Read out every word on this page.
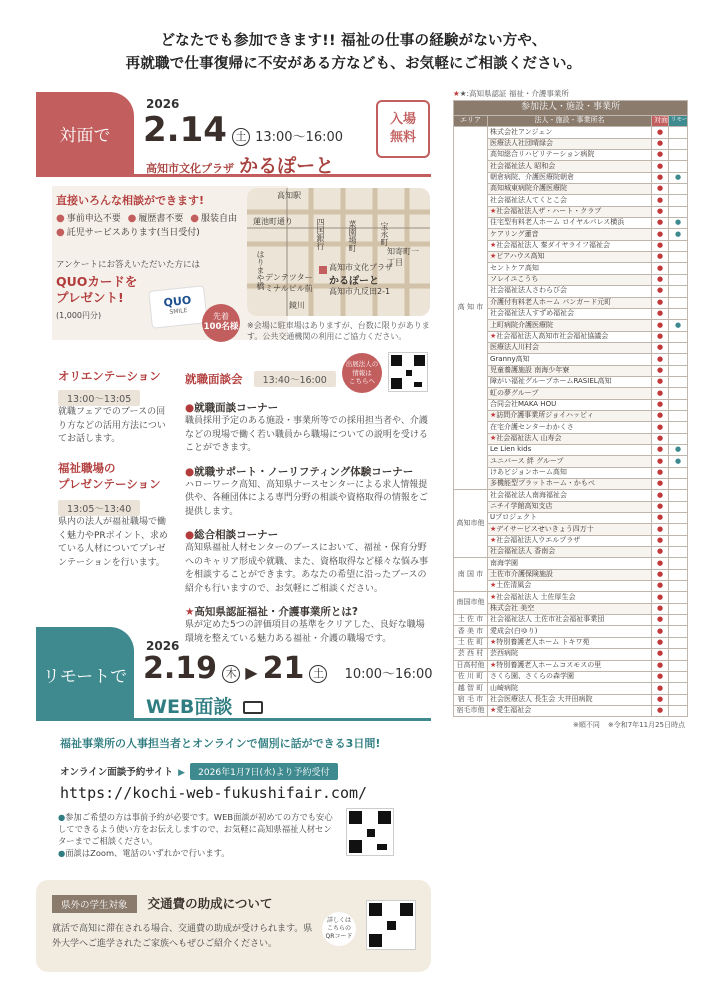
どなたでも参加できます!! 福祉の仕事の経験がない方や、
再就職で仕事復帰に不安がある方なども、お気軽にご相談ください。
対面で
2026
2.14 土 13:00〜16:00
高知市文化プラザ かるぽーと
入場
無料
直接いろんな相談ができます!
● 事前申込不要 ● 履歴書不要 ● 服装自由
● 託児サービスあります(当日受付)
アンケートにお答えいただいた方には
QUOカードを
プレゼント!
(1,000円分)
QUO
SMILE
先着
100名様
高知駅
蓮池町通り	四国銀行	菜園場町	宝永町
知寄町一丁目
はりまや橋 デンテツターミナルビル前
高知市文化プラザ
かるぽーと
高知市九反田2-1
鏡川
※会場に駐車場はありますが、台数に限りがあります。公共交通機関の利用にご協力ください。
オリエンテーション
13:00〜13:05
就職フェアでのブースの回り方などの活用方法についてお話します。
福祉職場の
プレゼンテーション
13:05〜13:40
県内の法人が福祉職場で働く魅力やPRポイント、求めている人材についてプレゼンテーションを行います。
就職面談会 13:40〜16:00
出展法人の
情報は
こちらへ
●就職面談コーナー
職員採用予定のある施設・事業所等での採用担当者や、介護などの現場で働く若い職員から職場についての説明を受けることができます。
●就職サポート・ノーリフティング体験コーナー
ハローワーク高知、高知県ナースセンターによる求人情報提供や、各種団体による専門分野の相談や資格取得の情報をご提供します。
●総合相談コーナー
高知県福祉人材センターのブースにおいて、福祉・保育分野へのキャリア形成や就職、また、資格取得など様々な悩み事を相談することができます。あなたの希望に沿ったブースの紹介も行いますので、お気軽にご相談ください。
★高知県認証福祉・介護事業所とは?
県が定めた5つの評価項目の基準をクリアした、良好な職場環境を整えている魅力ある福祉・介護の職場です。
リモートで
2026
2.19 木 ▶ 21 土 10:00〜16:00
WEB面談
福祉事業所の人事担当者とオンラインで個別に話ができる3日間!
オンライン面談予約サイト ▶ 2026年1月7日(水)より予約受付
https://kochi-web-fukushifair.com/
●参加ご希望の方は事前予約が必要です。WEB面談が初めての方でも安心してできるよう使い方をお伝えしますので、お気軽に高知県福祉人材センターまでご相談ください。
●面談はZoom、電話のいずれかで行います。
県外の学生対象 交通費の助成について
就活で高知に滞在される場合、交通費の助成が受けられます。県外大学へご進学されたご家族へもぜひご紹介ください。
詳しくは
こちらの
QRコード
★★:高知県認証 福祉・介護事業所
参加法人・施設・事業所			
エリア	法人・施設・事業所名	対面	リモート
高 知 市	株式会社アンジェン	●	
	医療法人社団晴緑会	●	
	高知総合リハビリテーション病院	●	
	社会福祉法人 昭和会	●	
	朝倉病院、介護医療院朝倉	●	●
	高知城東病院介護医療院	●	
	社会福祉法人てくとこ会	●	
	★社会福祉法人ザ・ハート・クラブ	●	
	住宅型有料老人ホーム ロイヤルパレス横浜	●	●
	ケアリング蓮音	●	●
	★社会福祉法人 秦ダイヤライフ福祉会	●	
	★ピアハウス高知	●	
	セントケア高知	●	
	ソレイユこうち	●	
	社会福祉法人さわらび会	●	
	介護付有料老人ホーム パンガード元町	●	
	社会福祉法人すずめ福祉会	●	
	上町病院介護医療院	●	●
	★社会福祉法人高知市社会福祉協議会	●	
	医療法人川村会	●	
	Granny高知	●	
	児童養護施設 南海少年寮	●	
	障がい福祉グループホームRASIEL高知	●	
	虹の夢グループ	●	
	合同会社MAKA HOU	●	
	★訪問介護事業所ジョイハッピィ	●	
	在宅介護センターわかくさ	●	
	★社会福祉法人 山寿会	●	
	Le Lien kids	●	●
	ユニバース 絆 グループ	●	●
	けあビジョンホーム高知	●	
	多機能型ブラットホーム・かもべ	●	
高知市他	社会福祉法人南海福祉会	●	
	ニチイ学館高知支店	●	
	Uプロジェクト	●	
	★デイサービスせいきょう四万十	●	
	★社会福祉法人ウエルプラザ	●	
	社会福祉法人 香南会	●	
南 国 市	南海学園	●	
	土佐市介護保険施設	●	
	★土佐清風会	●	
南国市他	★社会福祉法人 土佐厚生会	●	
	株式会社 美空	●	
土 佐 市	社会福祉法人 土佐市社会福祉事業団	●	
香 美 市	愛成会(白ゆり)	●	
土 佐 町	★特別養護老人ホーム トキワ苑	●	
芸 西 村	芸西病院	●	
日高村他	★特別養護老人ホームコスモスの里	●	
佐 川 町	さくら園、さくらの森学園	●	
越 智 町	山崎病院	●	
宿 毛 市	社会医療法人 長生会 大井田病院	●	
宿毛市他	★愛生福祉会	●	
※順不同 ※令和7年11月25日時点
